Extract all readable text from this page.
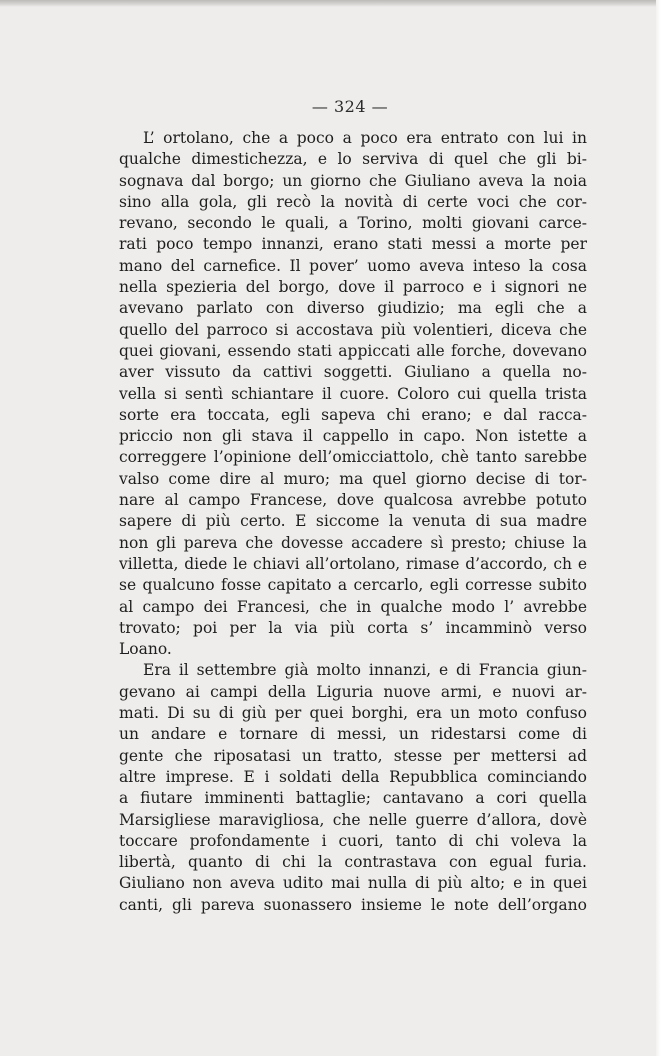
— 324 —

L’ ortolano, che a poco a poco era entrato con lui in
qualche dimestichezza, e lo serviva di quel che gli bi-
sognava dal borgo; un giorno che Giuliano aveva la noia
sino alla gola, gli recò la novità di certe voci che cor-
revano, secondo le quali, a Torino, molti giovani carce-
rati poco tempo innanzi, erano stati messi a morte per
mano del carnefice. Il pover’ uomo aveva inteso la cosa
nella spezieria del borgo, dove il parroco e i signori ne
avevano parlato con diverso giudizio; ma egli che a
quello del parroco si accostava più volentieri, diceva che
quei giovani, essendo stati appiccati alle forche, dovevano
aver vissuto da cattivi soggetti. Giuliano a quella no-
vella si sentì schiantare il cuore. Coloro cui quella trista
sorte era toccata, egli sapeva chi erano; e dal racca-
priccio non gli stava il cappello in capo. Non istette a
correggere l’opinione dell’omicciattolo, chè tanto sarebbe
valso come dire al muro; ma quel giorno decise di tor-
nare al campo Francese, dove qualcosa avrebbe potuto
sapere di più certo. E siccome la venuta di sua madre
non gli pareva che dovesse accadere sì presto; chiuse la
villetta, diede le chiavi all’ortolano, rimase d’accordo, ch e
se qualcuno fosse capitato a cercarlo, egli corresse subito
al campo dei Francesi, che in qualche modo l’ avrebbe
trovato; poi per la via più corta s’ incamminò verso
Loano.
Era il settembre già molto innanzi, e di Francia giun-
gevano ai campi della Liguria nuove armi, e nuovi ar-
mati. Di su di giù per quei borghi, era un moto confuso
un andare e tornare di messi, un ridestarsi come di
gente che riposatasi un tratto, stesse per mettersi ad
altre imprese. E i soldati della Repubblica cominciando
a fiutare imminenti battaglie; cantavano a cori quella
Marsigliese maravigliosa, che nelle guerre d’allora, dovè
toccare profondamente i cuori, tanto di chi voleva la
libertà, quanto di chi la contrastava con egual furia.
Giuliano non aveva udito mai nulla di più alto; e in quei
canti, gli pareva suonassero insieme le note dell’organo
